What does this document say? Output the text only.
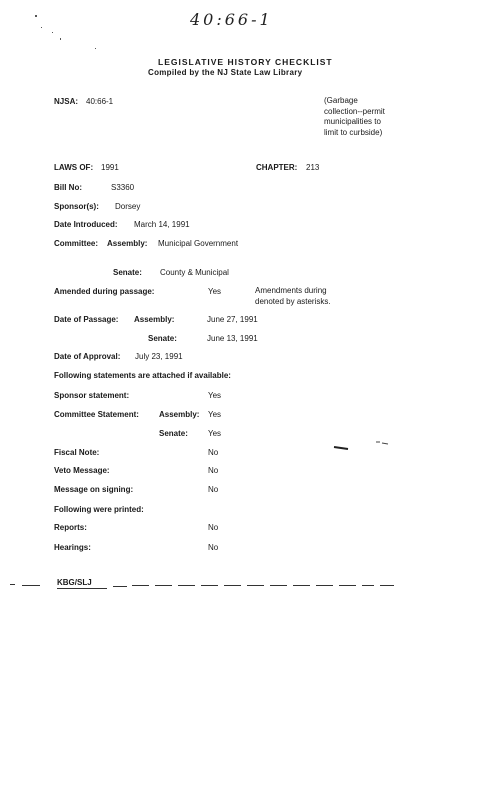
40:66-1
LEGISLATIVE HISTORY CHECKLIST
Compiled by the NJ State Law Library
NJSA: 40:66-1	(Garbage
collection--permit
municipalities to
limit to curbside)
LAWS OF: 1991	CHAPTER: 213
Bill No:	S3360
Sponsor(s): Dorsey
Date Introduced: March 14, 1991
Committee: Assembly: Municipal Government
Senate: County & Municipal
Amended during passage:	Yes	Amendments during
denoted by asterisks.
Date of Passage: Assembly:	June 27, 1991
Senate:	June 13, 1991
Date of Approval: July 23, 1991
Following statements are attached if available:
Sponsor statement:	Yes
Committee Statement:	Assembly: Yes
Senate:	Yes
Fiscal Note:	No
Veto Message:	No
Message on signing:	No
Following were printed:
Reports:	No
Hearings:	No
KBG/SLJ
